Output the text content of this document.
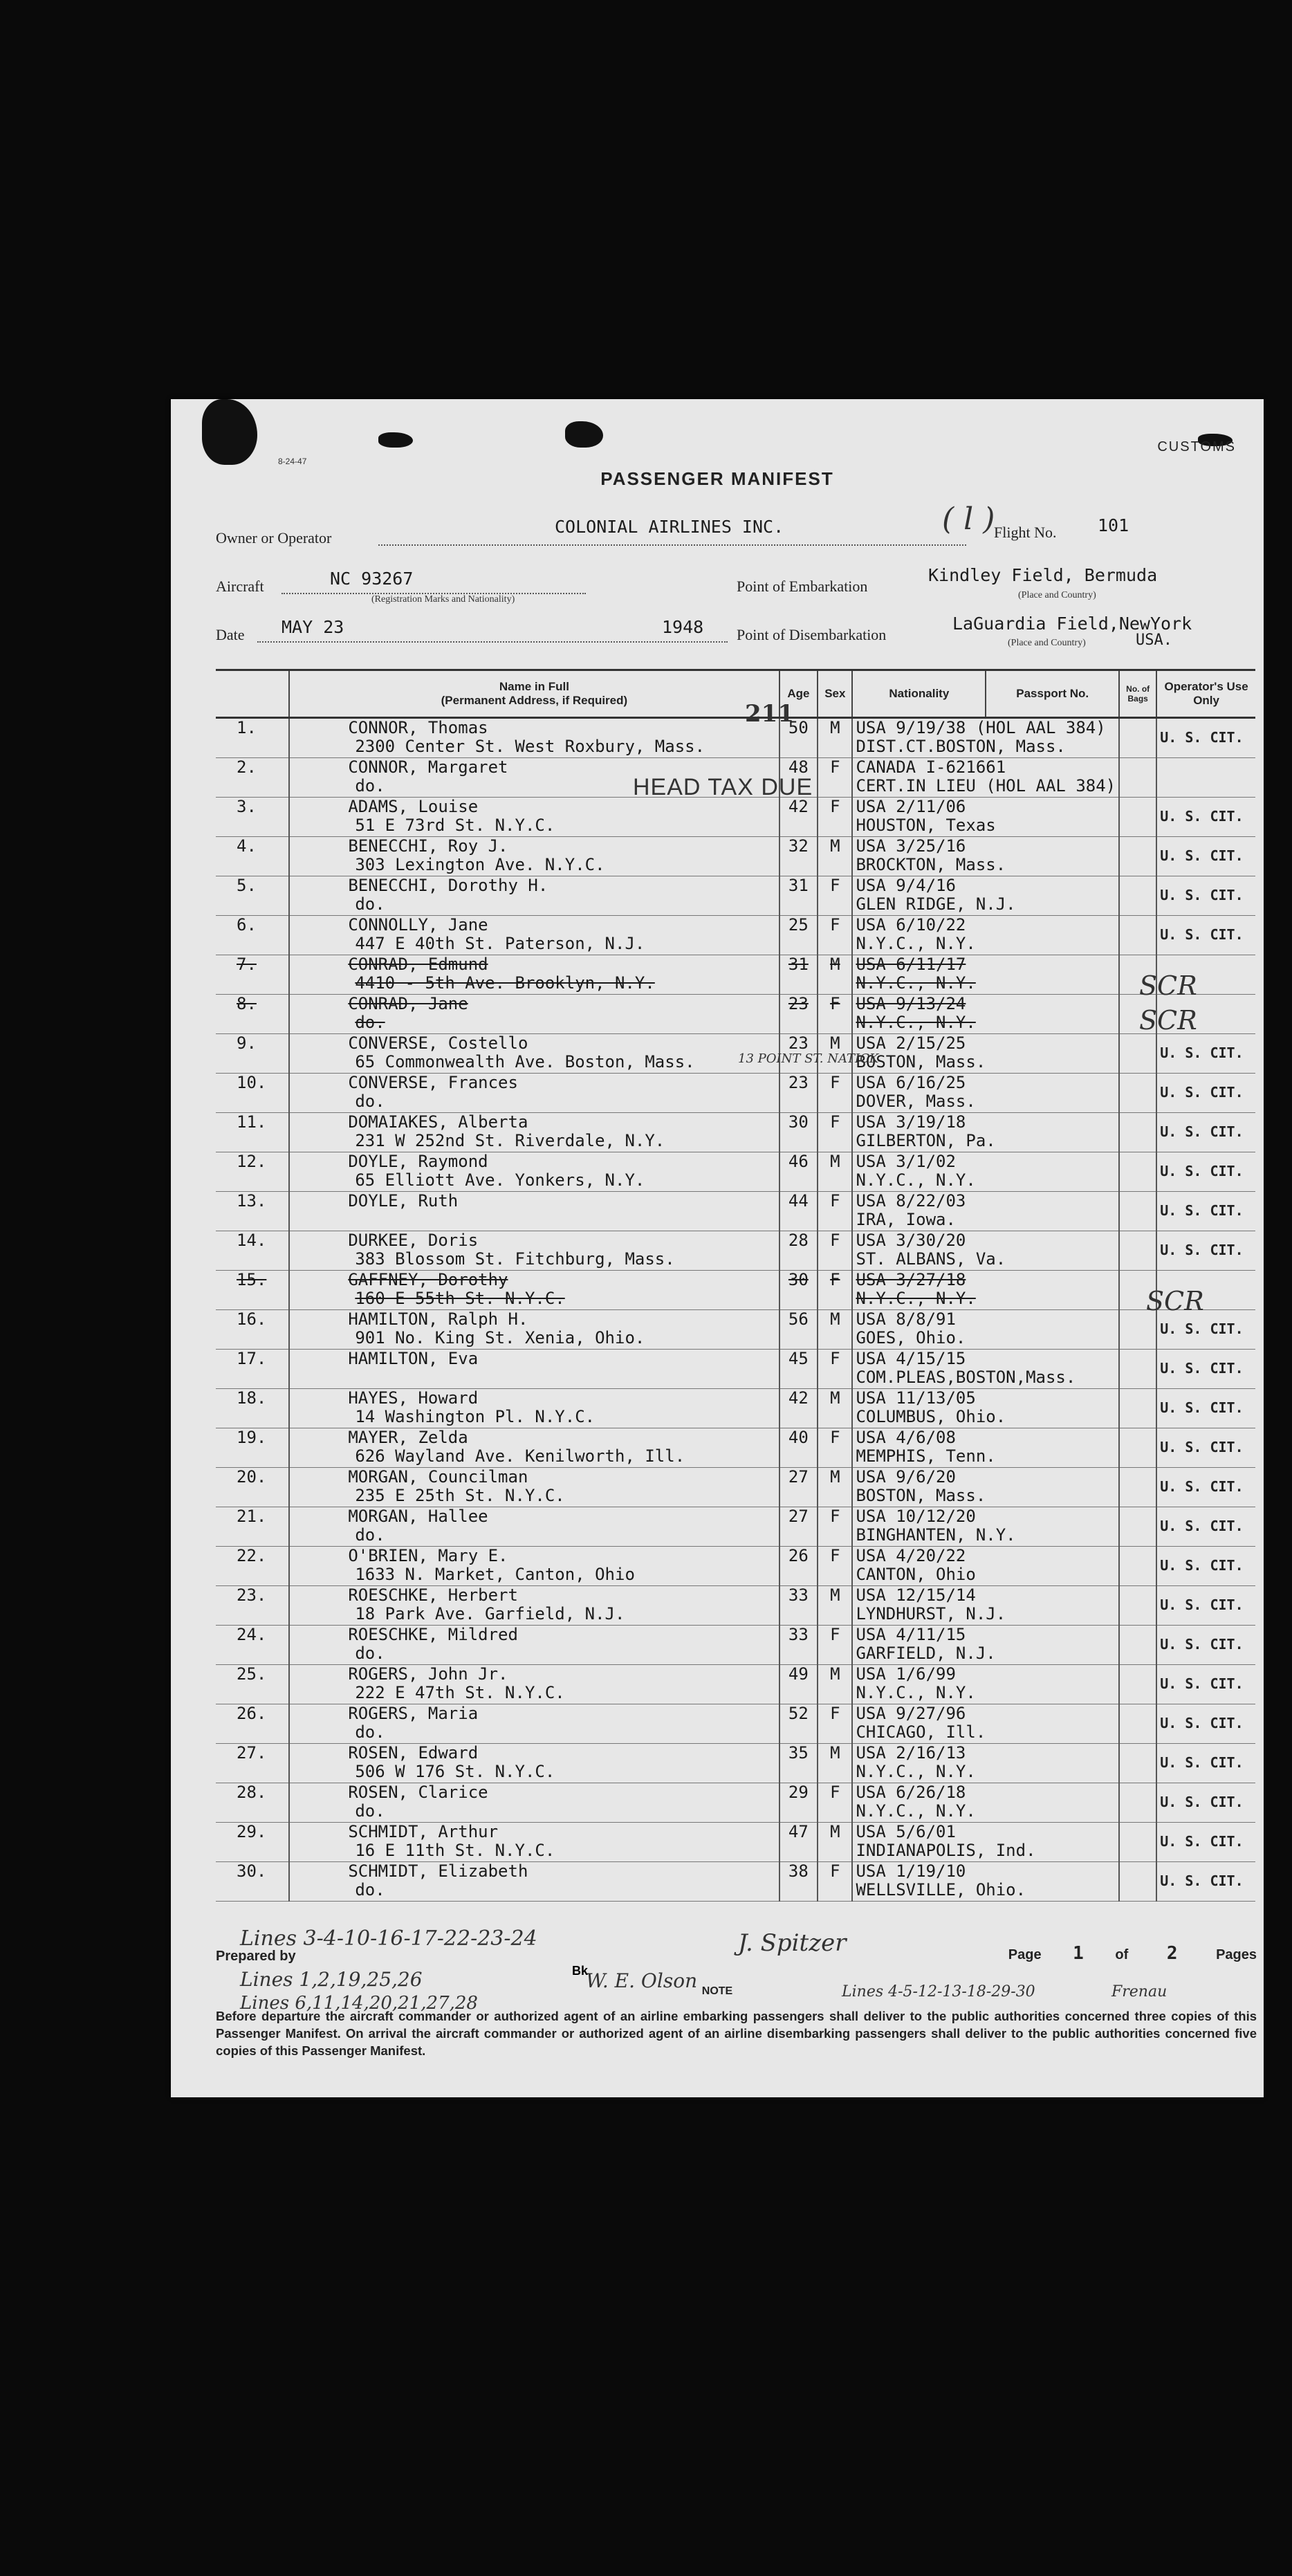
8-24-47
CUSTOMS
PASSENGER MANIFEST
Owner or Operator
COLONIAL AIRLINES INC.	( l )
Flight No. 101
Aircraft	NC 93267
(Registration Marks and Nationality)
Point of Embarkation
Kindley Field, Bermuda
(Place and Country)
Date MAY 23	1948 Point of Disembarkation
LaGuardia Field,NewYork
(Place and Country)	USA.

	Name in Full
(Permanent Address, if Required)	Age	Sex	Nationality	Passport No.	No. of Bags	Operator's Use Only
1.	CONNOR, Thomas
2300 Center St. West Roxbury, Mass.	50	M	USA 9/19/38 (HOL AAL 384)
DIST.CT.BOSTON, Mass.			U. S. CIT.

2.	CONNOR, Margaret
do.	48	F	CANADA I-621661
CERT.IN LIEU (HOL AAL 384)			

3.	ADAMS, Louise
51 E 73rd St. N.Y.C.	42	F	USA 2/11/06
HOUSTON, Texas			U. S. CIT.

4.	BENECCHI, Roy J.
303 Lexington Ave. N.Y.C.	32	M	USA 3/25/16
BROCKTON, Mass.			U. S. CIT.

5.	BENECCHI, Dorothy H.
do.	31	F	USA 9/4/16
GLEN RIDGE, N.J.			U. S. CIT.

6.	CONNOLLY, Jane
447 E 40th St. Paterson, N.J.	25	F	USA 6/10/22
N.Y.C., N.Y.			U. S. CIT.

7.	CONRAD, Edmund
4410 - 5th Ave. Brooklyn, N.Y.	31	M	USA 6/11/17
N.Y.C., N.Y.			

8.	CONRAD, Jane
do.	23	F	USA 9/13/24
N.Y.C., N.Y.			

9.	CONVERSE, Costello
65 Commonwealth Ave. Boston, Mass.	23	M	USA 2/15/25
BOSTON, Mass.			U. S. CIT.

10.	CONVERSE, Frances
do.	23	F	USA 6/16/25
DOVER, Mass.			U. S. CIT.

11.	DOMAIAKES, Alberta
231 W 252nd St. Riverdale, N.Y.	30	F	USA 3/19/18
GILBERTON, Pa.			U. S. CIT.

12.	DOYLE, Raymond
65 Elliott Ave. Yonkers, N.Y.	46	M	USA 3/1/02
N.Y.C., N.Y.			U. S. CIT.

13.	DOYLE, Ruth	44	F	USA 8/22/03
IRA, Iowa.			U. S. CIT.

14.	DURKEE, Doris
383 Blossom St. Fitchburg, Mass.	28	F	USA 3/30/20
ST. ALBANS, Va.			U. S. CIT.

15.	GAFFNEY, Dorothy
160 E 55th St. N.Y.C.	30	F	USA 3/27/18
N.Y.C., N.Y.			

16.	HAMILTON, Ralph H.
901 No. King St. Xenia, Ohio.	56	M	USA 8/8/91
GOES, Ohio.			U. S. CIT.

17.	HAMILTON, Eva	45	F	USA 4/15/15
COM.PLEAS,BOSTON,Mass.			U. S. CIT.

18.	HAYES, Howard
14 Washington Pl. N.Y.C.	42	M	USA 11/13/05
COLUMBUS, Ohio.			U. S. CIT.

19.	MAYER, Zelda
626 Wayland Ave. Kenilworth, Ill.	40	F	USA 4/6/08
MEMPHIS, Tenn.			U. S. CIT.

20.	MORGAN, Councilman
235 E 25th St. N.Y.C.	27	M	USA 9/6/20
BOSTON, Mass.			U. S. CIT.

21.	MORGAN, Hallee
do.	27	F	USA 10/12/20
BINGHANTEN, N.Y.			U. S. CIT.

22.	O'BRIEN, Mary E.
1633 N. Market, Canton, Ohio	26	F	USA 4/20/22
CANTON, Ohio			U. S. CIT.

23.	ROESCHKE, Herbert
18 Park Ave. Garfield, N.J.	33	M	USA 12/15/14
LYNDHURST, N.J.			U. S. CIT.

24.	ROESCHKE, Mildred
do.	33	F	USA 4/11/15
GARFIELD, N.J.			U. S. CIT.

25.	ROGERS, John Jr.
222 E 47th St. N.Y.C.	49	M	USA 1/6/99
N.Y.C., N.Y.			U. S. CIT.

26.	ROGERS, Maria
do.	52	F	USA 9/27/96
CHICAGO, Ill.			U. S. CIT.

27.	ROSEN, Edward
506 W 176 St. N.Y.C.	35	M	USA 2/16/13
N.Y.C., N.Y.			U. S. CIT.

28.	ROSEN, Clarice
do.	29	F	USA 6/26/18
N.Y.C., N.Y.			U. S. CIT.

29.	SCHMIDT, Arthur
16 E 11th St. N.Y.C.	47	M	USA 5/6/01
INDIANAPOLIS, Ind.			U. S. CIT.

30.	SCHMIDT, Elizabeth
do.	38	F	USA 1/19/10
WELLSVILLE, Ohio.			U. S. CIT.
211
HEAD TAX DUE
13 POINT ST. NATICK
SCR
SCR
SCR
Lines 3-4-10-16-17-22-23-24	J. Spitzer
Lines 1,2,19,25,26	W. E. Olson
Lines 6,11,14,20,21,27,28
Lines 4-5-12-13-18-29-30	Frenau
Prepared by
Bk
Page 1 of 2	Pages
NOTE
Before departure the aircraft commander or authorized agent of an airline embarking passengers shall deliver to the public authorities concerned three copies of this Passenger Manifest. On arrival the aircraft commander or authorized agent of an airline disembarking passengers shall deliver to the public authorities concerned five copies of this Passenger Manifest.
